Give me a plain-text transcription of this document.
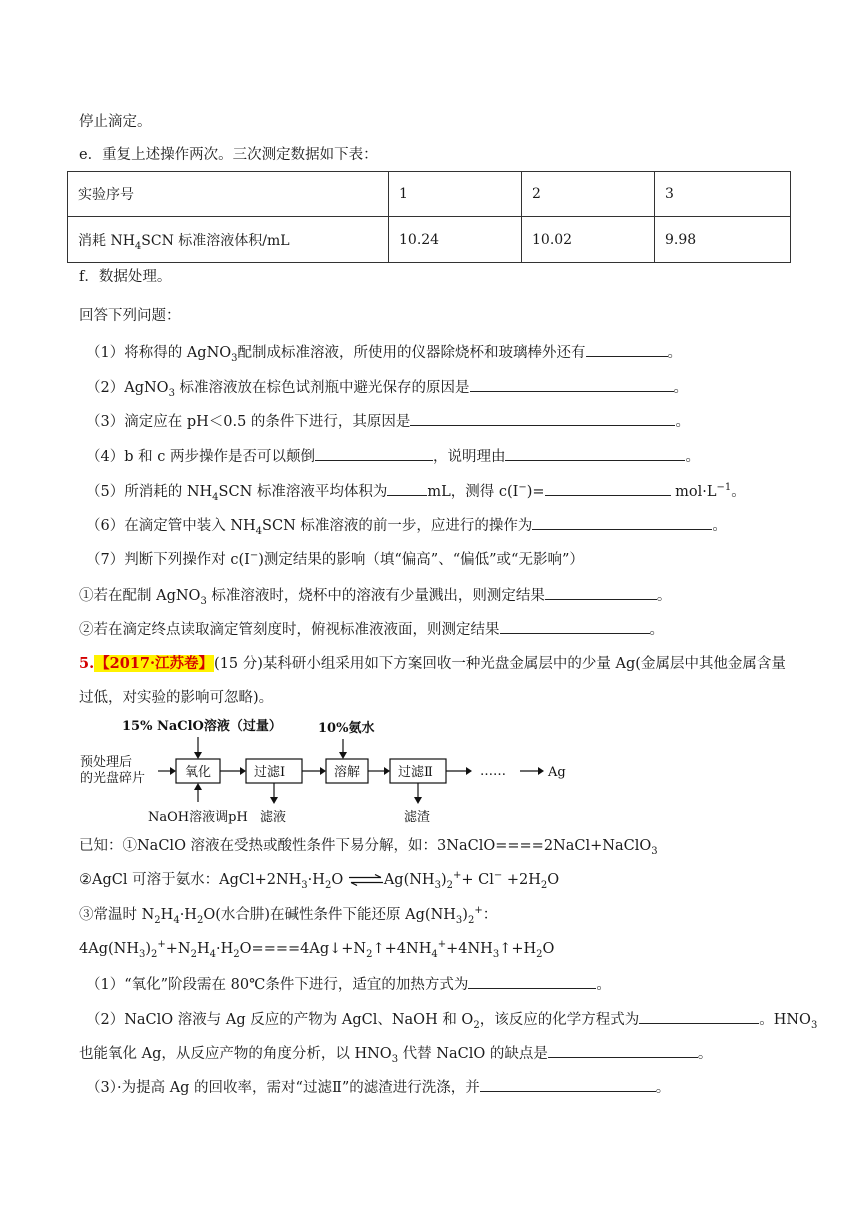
停止滴定。
e．重复上述操作两次。三次测定数据如下表：
实验序号	1	2	3
消耗 $NH_4SCN$ 标准溶液体积/mL	10.24	10.02	9.98
f．数据处理。
回答下列问题：
（1）将称得的 AgNO$_3$配制成标准溶液，所使用的仪器除烧杯和玻璃棒外还有	。
（2）AgNO$_3$ 标准溶液放在棕色试剂瓶中避光保存的原因是	。
（3）滴定应在 pH＜0.5 的条件下进行，其原因是	。
（4）b 和 c 两步操作是否可以颠倒	，说明理由	。
（5）所消耗的 $NH_4SCN$ 标准溶液平均体积为	mL，测得 c(I−)=	$mol\cdot L^{-1}$。
（6）在滴定管中装入 $NH_4SCN$ 标准溶液的前一步，应进行的操作为	。
（7）判断下列操作对 c(I−)测定结果的影响（填“偏高”、“偏低”或“无影响”）
①若在配制 AgNO$_3$ 标准溶液时，烧杯中的溶液有少量溅出，则测定结果	。
②若在滴定终点读取滴定管刻度时，俯视标准液液面，则测定结果	。
5.【2017·江苏卷】(15 分)某科研小组采用如下方案回收一种光盘金属层中的少量 Ag(金属层中其他金属含量
过低，对实验的影响可忽略)。
15% NaClO溶液（过量）	10%氨水
预处理后
的光盘碎片	氧化	过滤Ⅰ	溶解	过滤Ⅱ	……	Ag
NaOH溶液调pH 滤液	滤渣
已知：①NaClO 溶液在受热或酸性条件下易分解，如：3NaClO====2NaCl+NaClO$_3$
②AgCl 可溶于氨水：$AgCl+2NH_3\cdot H_2O$ $\rightleftharpoons Ag(NH_3)_2^++ Cl^- +2H_2O$
③常温时 $N_2H_4\cdot H_2O$(水合肼)在碱性条件下能还原 $Ag(NH_3)_2^+$：
$4Ag(NH_3)_2^++N_2H_4\cdot H_2O====4Ag↓+N_2↑+4NH_4^++4NH_3↑+H_2O$
（1）“氧化”阶段需在 80℃条件下进行，适宜的加热方式为	。
（2）NaClO 溶液与 Ag 反应的产物为 AgCl、NaOH 和 $O_2$，该反应的化学方程式为	。$HNO_3$
也能氧化 Ag，从反应产物的角度分析，以 $HNO_3$ 代替 NaClO 的缺点是	。
（3）·为提高 Ag 的回收率，需对“过滤Ⅱ”的滤渣进行洗涤，并	。
